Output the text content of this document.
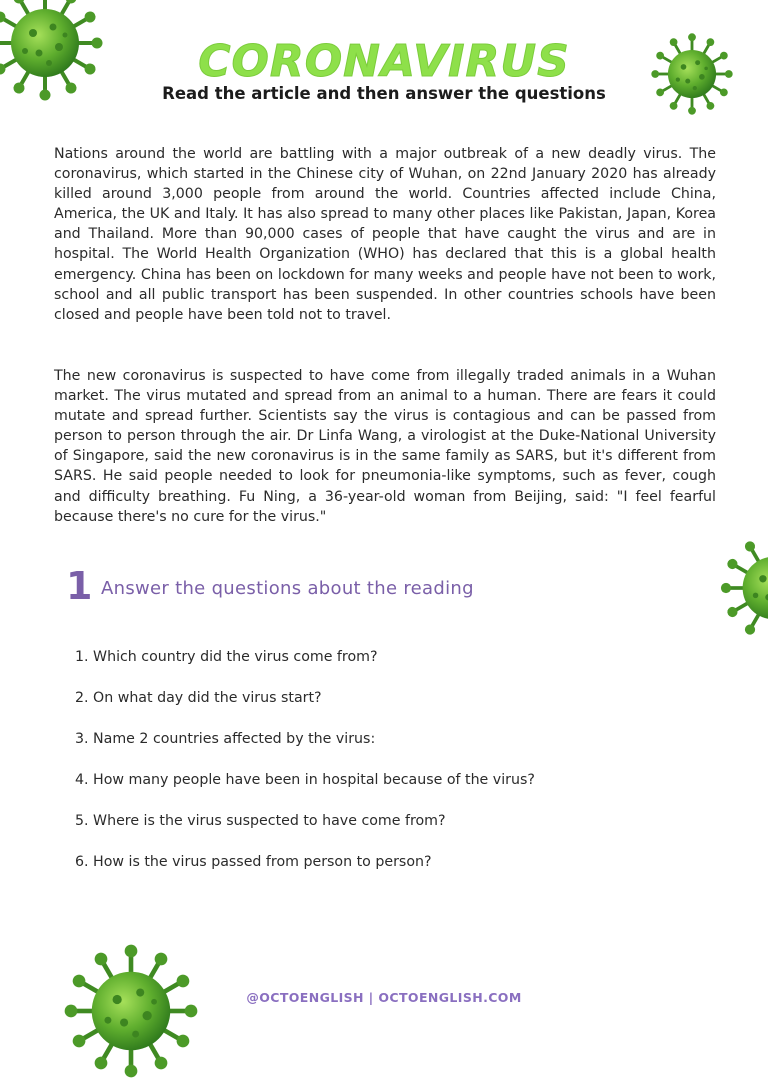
CORONAVIRUS
Read the article and then answer the questions

Nations around the world are battling with a major outbreak of a new deadly virus. The coronavirus, which started in the Chinese city of Wuhan, on 22nd January 2020 has already killed around 3,000 people from around the world. Countries affected include China, America, the UK and Italy. It has also spread to many other places like Pakistan, Japan, Korea and Thailand. More than 90,000 cases of people that have caught the virus and are in hospital. The World Health Organization (WHO) has declared that this is a global health emergency. China has been on lockdown for many weeks and people have not been to work, school and all public transport has been suspended. In other countries schools have been closed and people have been told not to travel.

The new coronavirus is suspected to have come from illegally traded animals in a Wuhan market. The virus mutated and spread from an animal to a human. There are fears it could mutate and spread further. Scientists say the virus is contagious and can be passed from person to person through the air. Dr Linfa Wang, a virologist at the Duke-National University of Singapore, said the new coronavirus is in the same family as SARS, but it's different from SARS. He said people needed to look for pneumonia-like symptoms, such as fever, cough and difficulty breathing. Fu Ning, a 36-year-old woman from Beijing, said: "I feel fearful because there's no cure for the virus."

1 Answer the questions about the reading
1. Which country did the virus come from?
2. On what day did the virus start?
3. Name 2 countries affected by the virus:
4. How many people have been in hospital because of the virus?
5. Where is the virus suspected to have come from?
6. How is the virus passed from person to person?
@OCTOENGLISH | OCTOENGLISH.COM
